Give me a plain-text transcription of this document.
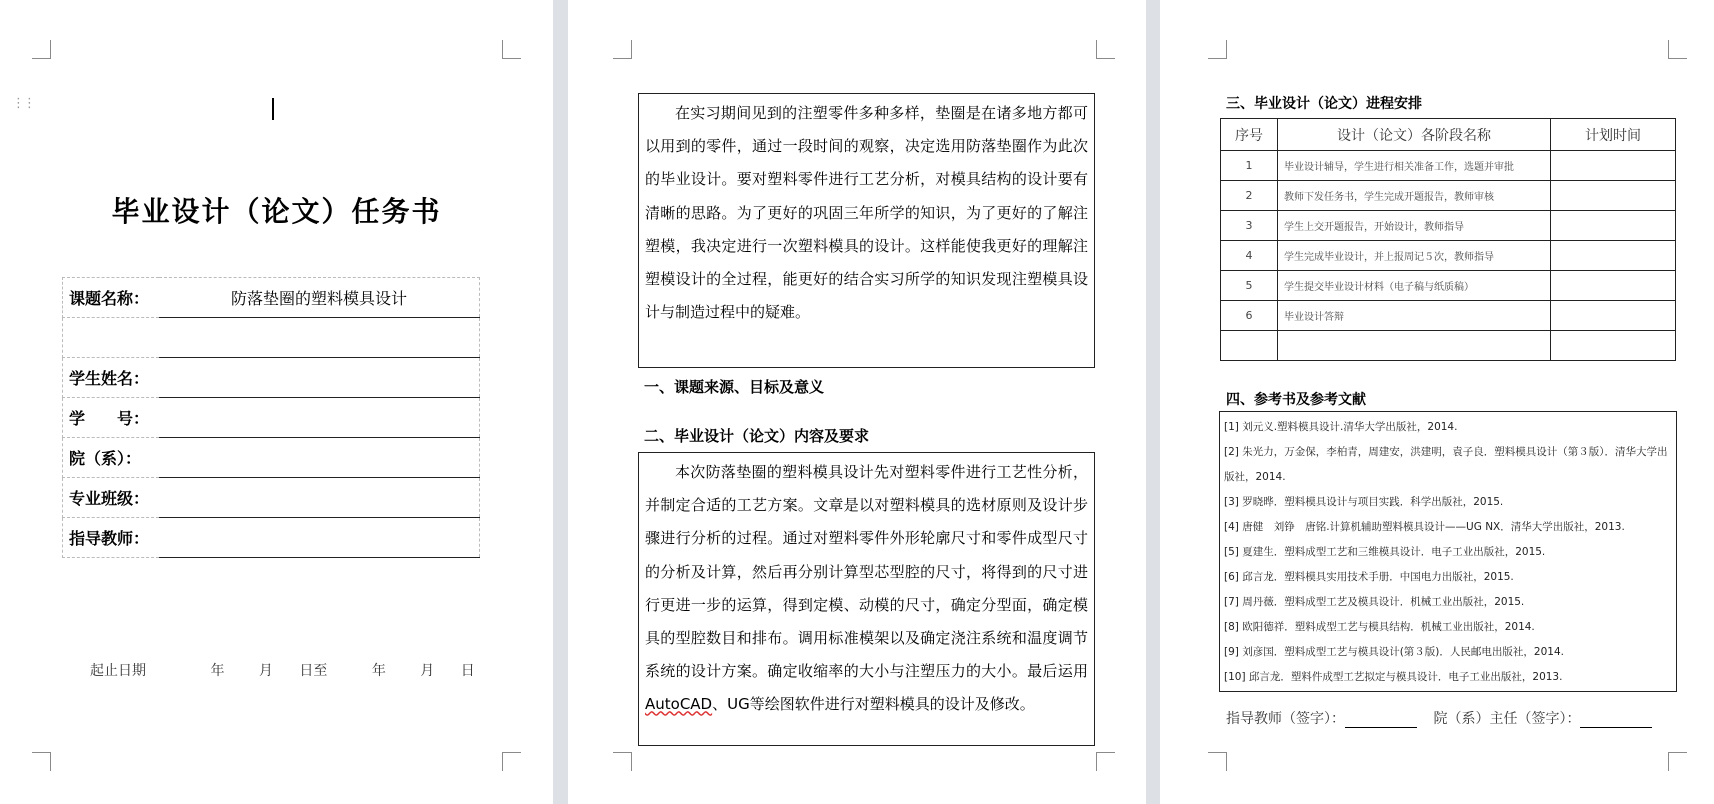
⋮⋮
毕业设计（论文）任务书
课题名称：	防落垫圈的塑料模具设计

学生姓名：	
学　　号：	
院（系）：	
专业班级：	
指导教师：	
起止日期	年 月 日至	年 月 日

在实习期间见到的注塑零件多种多样，垫圈是在诸多地方都可以用到的零件，通过一段时间的观察，决定选用防落垫圈作为此次的毕业设计。要对塑料零件进行工艺分析，对模具结构的设计要有清晰的思路。为了更好的巩固三年所学的知识，为了更好的了解注塑模，我决定进行一次塑料模具的设计。这样能使我更好的理解注塑模设计的全过程，能更好的结合实习所学的知识发现注塑模具设计与制造过程中的疑难。

一、课题来源、目标及意义
二、毕业设计（论文）内容及要求

本次防落垫圈的塑料模具设计先对塑料零件进行工艺性分析，并制定合适的工艺方案。文章是以对塑料模具的选材原则及设计步骤进行分析的过程。通过对塑料零件外形轮廓尺寸和零件成型尺寸的分析及计算，然后再分别计算型芯型腔的尺寸，将得到的尺寸进行更进一步的运算，得到定模、动模的尺寸，确定分型面，确定模具的型腔数目和排布。调用标准模架以及确定浇注系统和温度调节系统的设计方案。确定收缩率的大小与注塑压力的大小。最后运用 AutoCAD、UG等绘图软件进行对塑料模具的设计及修改。

三、毕业设计（论文）进程安排
序号	设计（论文）各阶段名称	计划时间
1	毕业设计辅导，学生进行相关准备工作，选题并审批	
2	教师下发任务书，学生完成开题报告，教师审核	
3	学生上交开题报告，开始设计，教师指导	
4	学生完成毕业设计，并上报周记５次，教师指导	
5	学生提交毕业设计材料（电子稿与纸质稿）	
6	毕业设计答辩	

四、参考书及参考文献
[1] 刘元义.塑料模具设计.清华大学出版社，2014.
[2] 朱光力，万金保，李柏青，周建安，洪建明，袁子良．塑料模具设计（第３版）．清华大学出版社，2014.
[3] 罗晓晔．塑料模具设计与项目实践．科学出版社，2015.
[4] 唐健　刘铮　唐铭.计算机辅助塑料模具设计——UG NX．清华大学出版社，2013.
[5] 夏建生．塑料成型工艺和三维模具设计．电子工业出版社，2015.
[6] 邱言龙．塑料模具实用技术手册．中国电力出版社，2015.
[7] 周丹薇．塑料成型工艺及模具设计．机械工业出版社，2015.
[8] 欧阳德祥．塑料成型工艺与模具结构．机械工业出版社，2014.
[9] 刘彦国．塑料成型工艺与模具设计(第３版)．人民邮电出版社，2014.
[10] 邱言龙．塑料件成型工艺拟定与模具设计．电子工业出版社，2013.
指导教师（签字）：	院（系）主任（签字）：
